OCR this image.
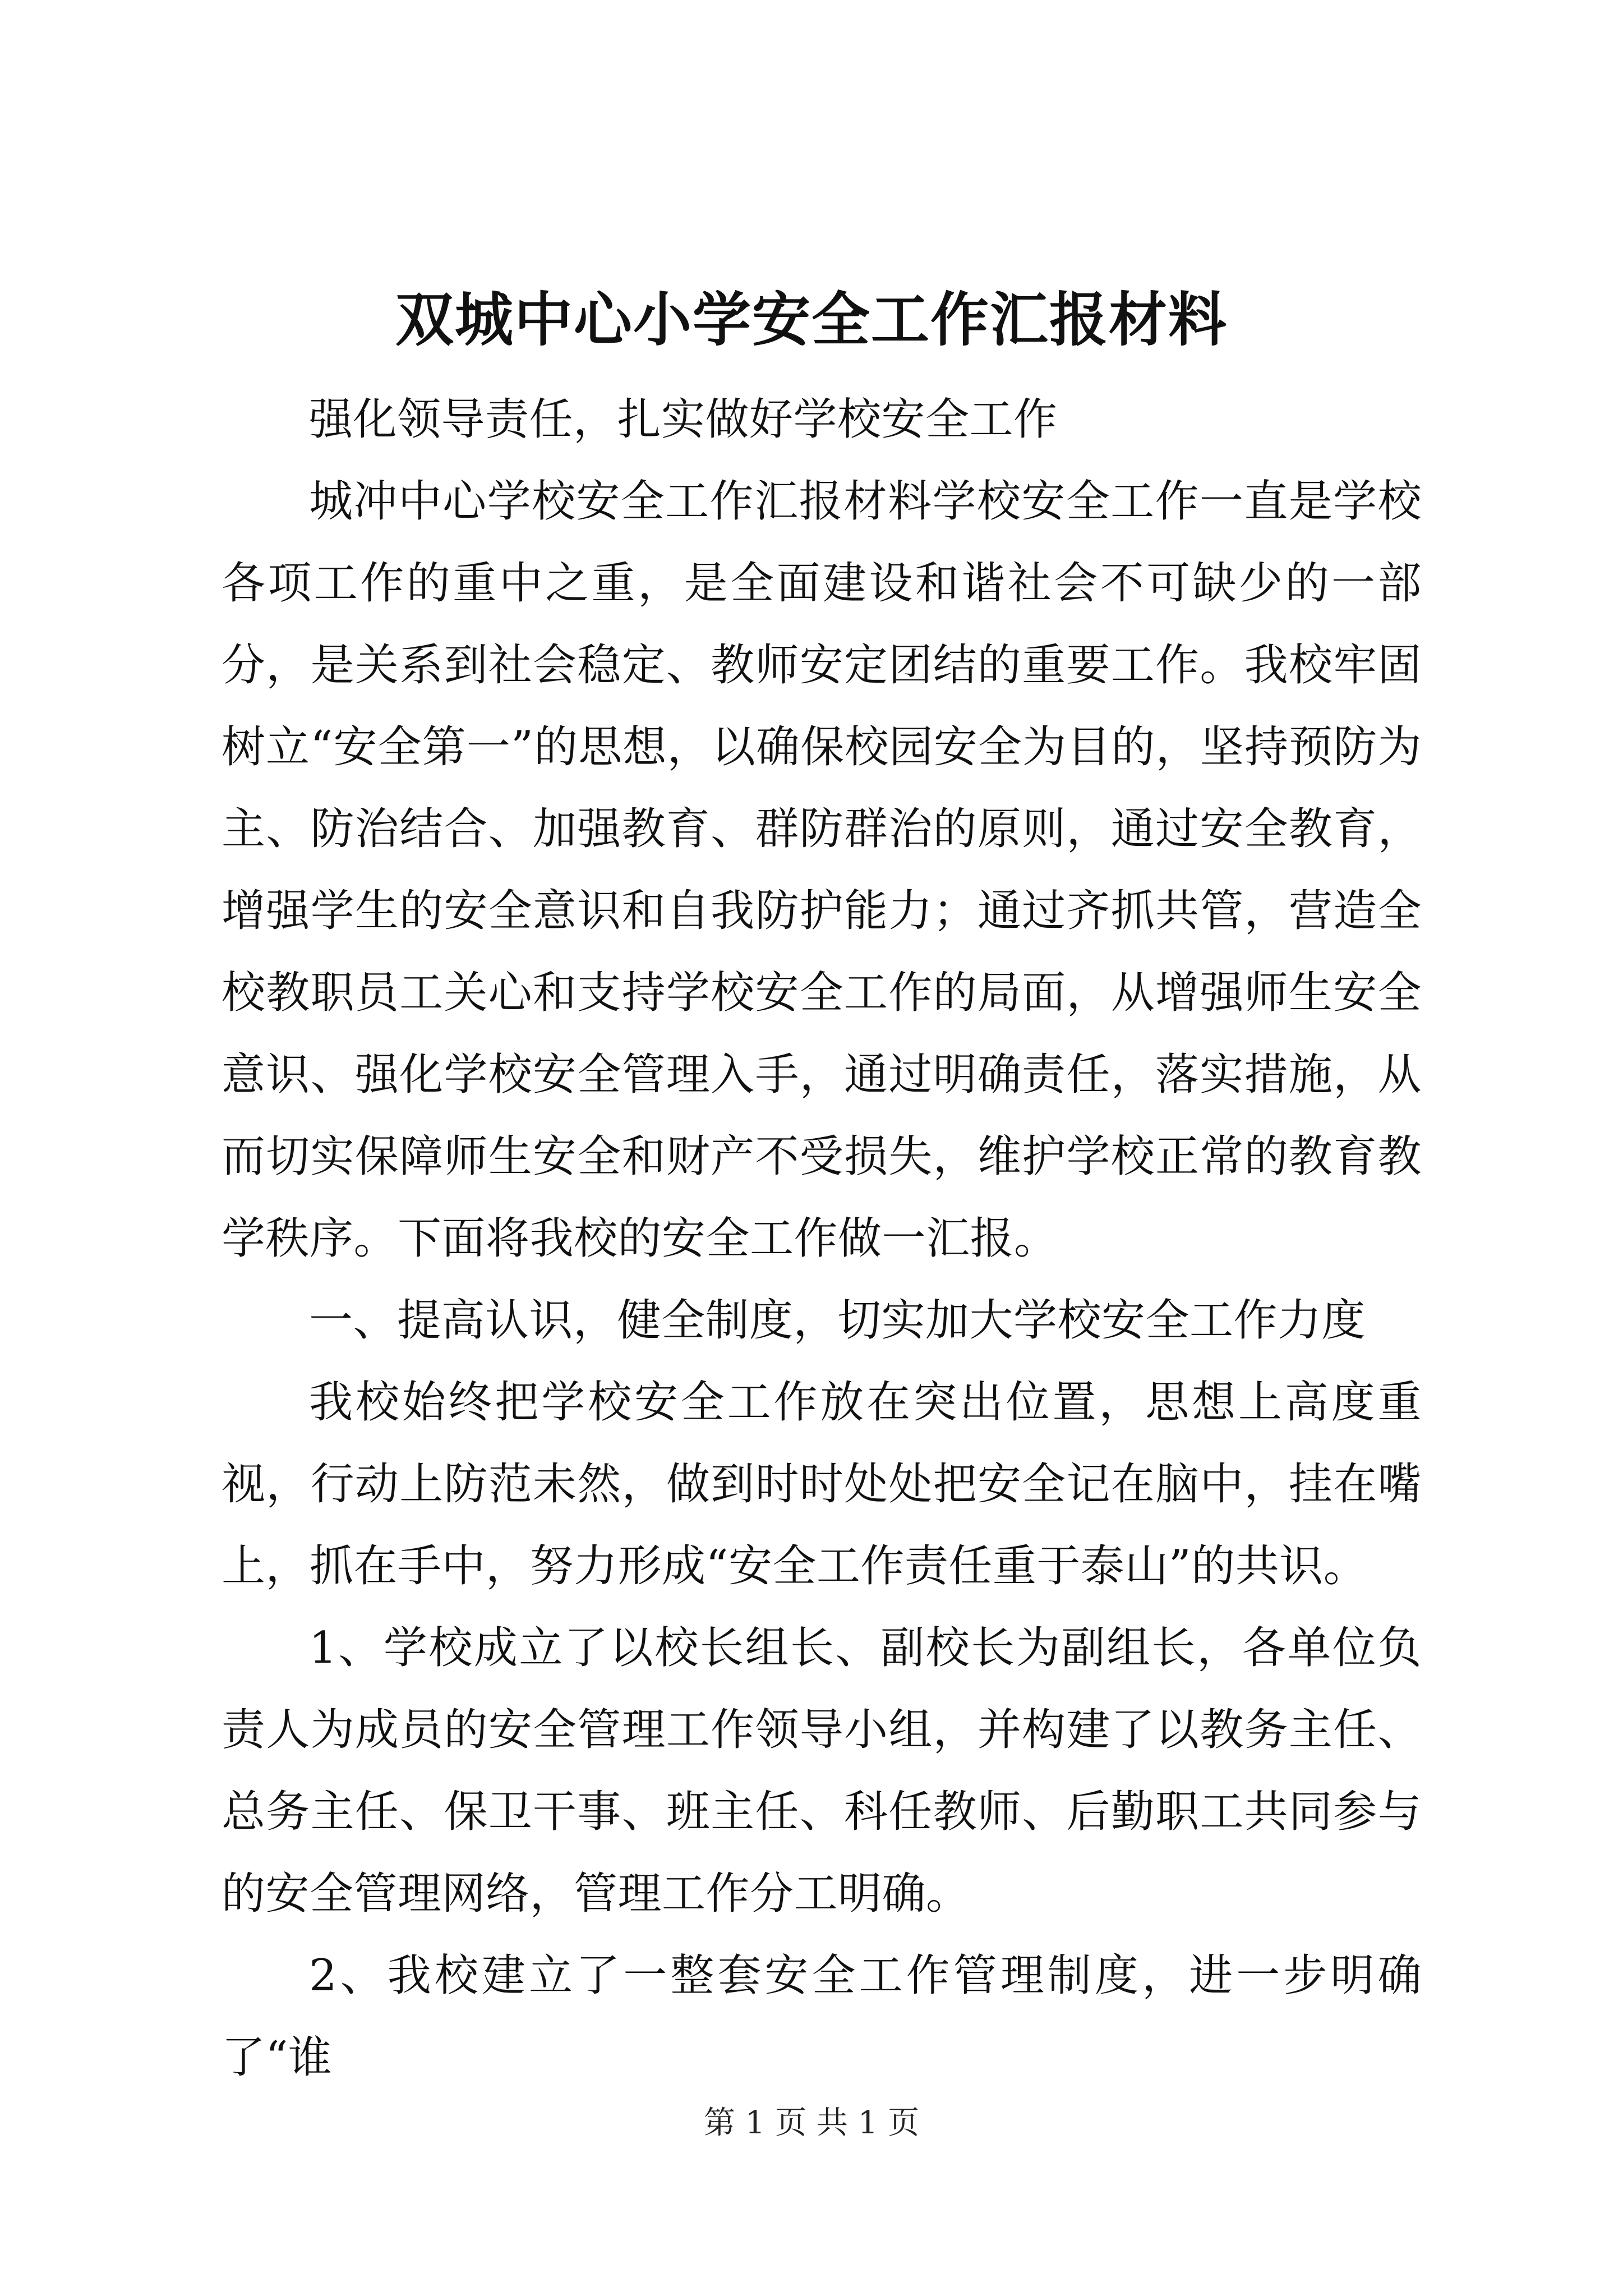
双城中心小学安全工作汇报材料

强化领导责任，扎实做好学校安全工作

城冲中心学校安全工作汇报材料学校安全工作一直是学校各项工作的重中之重，是全面建设和谐社会不可缺少的一部分，是关系到社会稳定、教师安定团结的重要工作。我校牢固树立“安全第一”的思想，以确保校园安全为目的，坚持预防为主、防治结合、加强教育、群防群治的原则，通过安全教育，增强学生的安全意识和自我防护能力；通过齐抓共管，营造全校教职员工关心和支持学校安全工作的局面，从增强师生安全意识、强化学校安全管理入手，通过明确责任，落实措施，从而切实保障师生安全和财产不受损失，维护学校正常的教育教学秩序。下面将我校的安全工作做一汇报。

一、提高认识，健全制度，切实加大学校安全工作力度

我校始终把学校安全工作放在突出位置，思想上高度重视，行动上防范未然，做到时时处处把安全记在脑中，挂在嘴上，抓在手中，努力形成“安全工作责任重于泰山”的共识。

1、学校成立了以校长组长、副校长为副组长，各单位负责人为成员的安全管理工作领导小组，并构建了以教务主任、总务主任、保卫干事、班主任、科任教师、后勤职工共同参与的安全管理网络，管理工作分工明确。

2、我校建立了一整套安全工作管理制度，进一步明确了“谁

第 1 页 共 1 页
